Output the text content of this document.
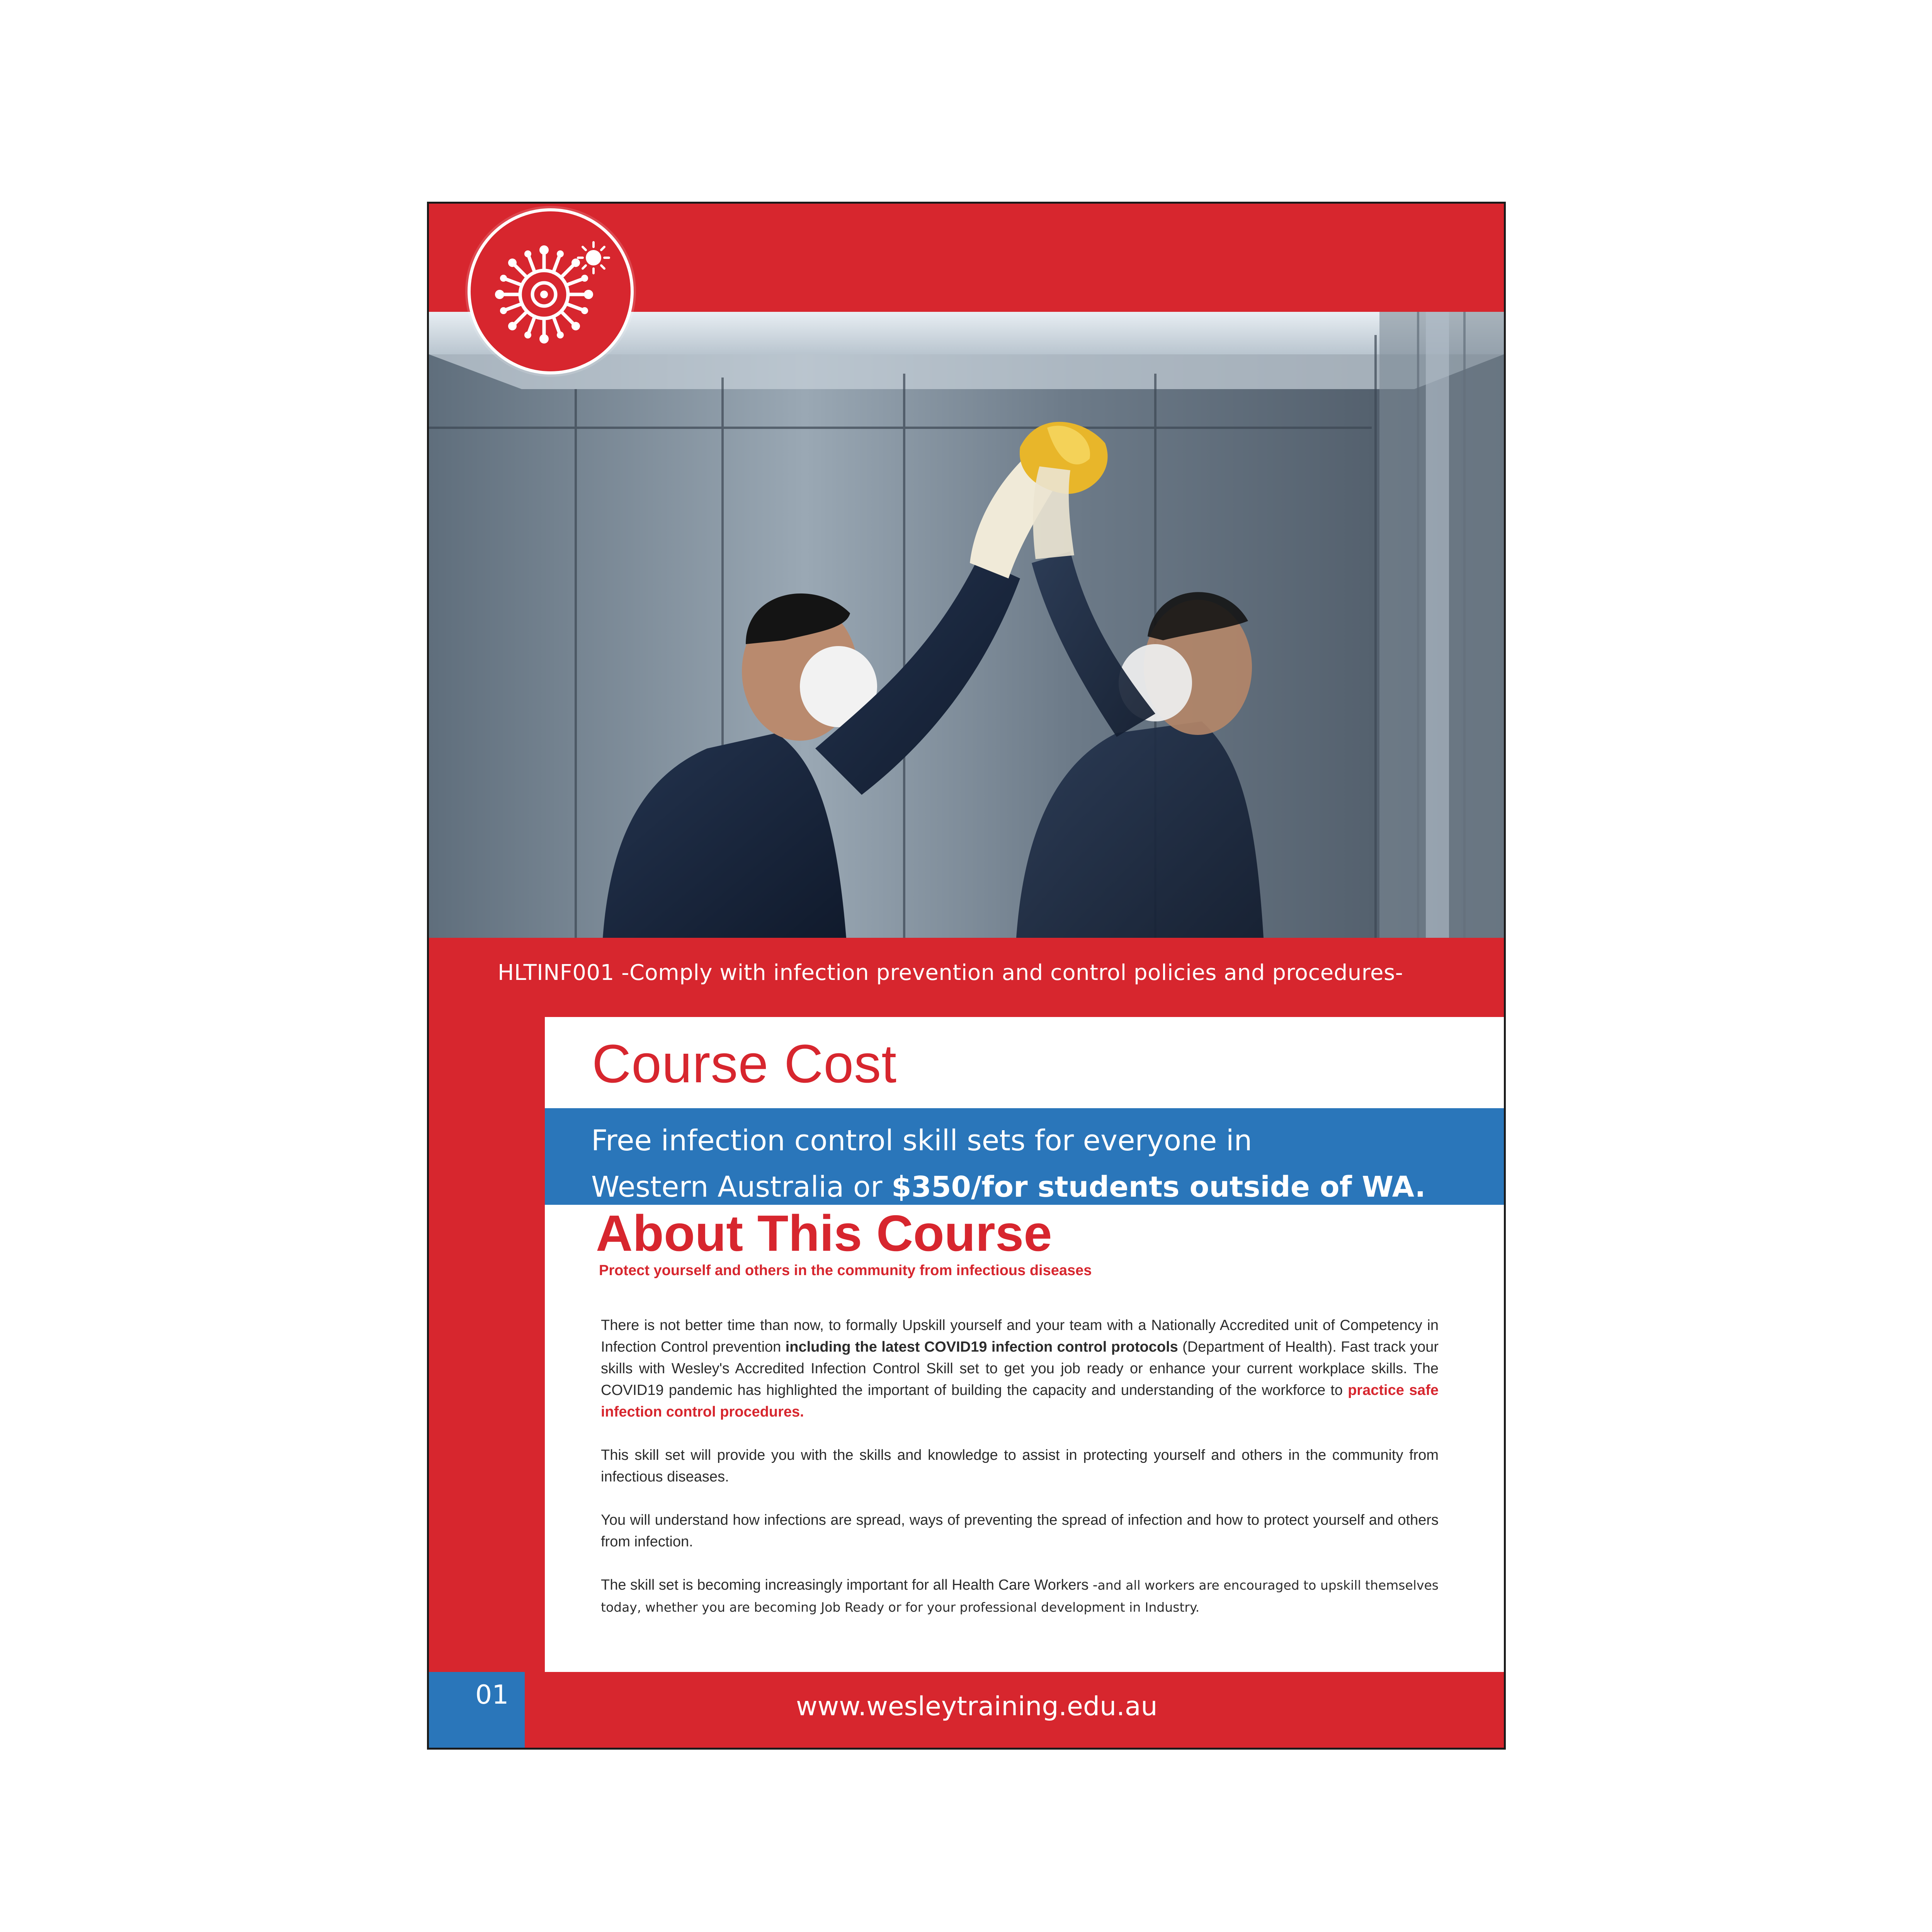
HLTINF001 -Comply with infection prevention and control policies and procedures-
Course Cost
Free infection control skill sets for everyone in
Western Australia or $350/for students outside of WA.
About This Course

Protect yourself and others in the community from infectious diseases

There is not better time than now, to formally Upskill yourself and your team with a Nationally Accredited unit of Competency in Infection Control prevention including the latest COVID19 infection control protocols (Department of Health). Fast track your skills with Wesley's Accredited Infection Control Skill set to get you job ready or enhance your current workplace skills. The COVID19 pandemic has highlighted the important of building the capacity and understanding of the workforce to practice safe infection control procedures.

This skill set will provide you with the skills and knowledge to assist in protecting yourself and others in the community from infectious diseases.

You will understand how infections are spread, ways of preventing the spread of infection and how to protect yourself and others from infection.

The skill set is becoming increasingly important for all Health Care Workers -and all workers are encouraged to upskill themselves today, whether you are becoming Job Ready or for your professional development in Industry.

01	www.wesleytraining.edu.au
